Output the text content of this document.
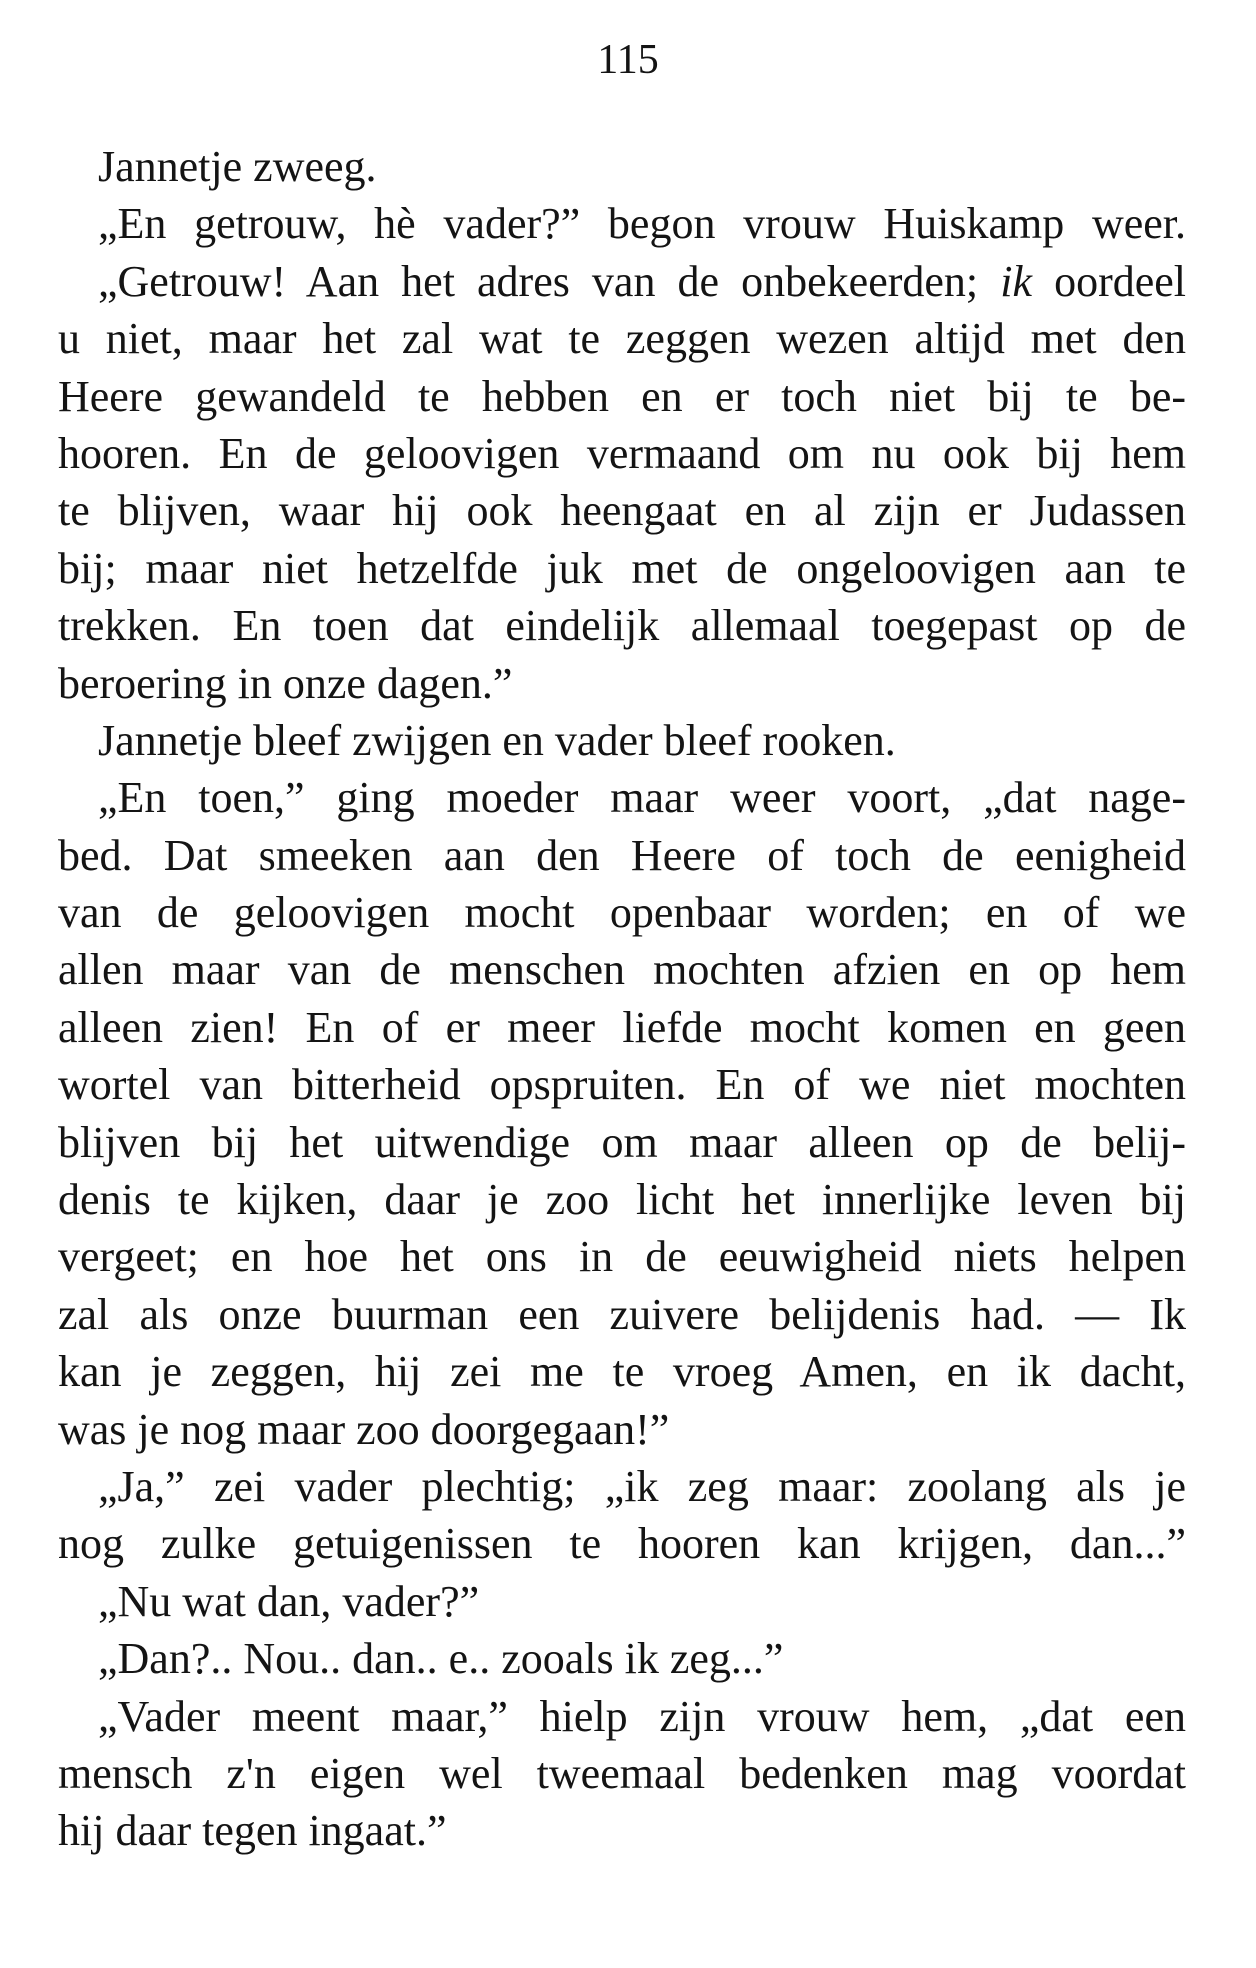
115
Jannetje zweeg.
„En getrouw, hè vader?” begon vrouw Huiskamp weer.
„Getrouw! Aan het adres van de onbekeerden; ik oordeel
u niet, maar het zal wat te zeggen wezen altijd met den
Heere gewandeld te hebben en er toch niet bij te be-
hooren. En de geloovigen vermaand om nu ook bij hem
te blijven, waar hij ook heengaat en al zijn er Judassen
bij; maar niet hetzelfde juk met de ongeloovigen aan te
trekken. En toen dat eindelijk allemaal toegepast op de
beroering in onze dagen.”
Jannetje bleef zwijgen en vader bleef rooken.
„En toen,” ging moeder maar weer voort, „dat nage-
bed. Dat smeeken aan den Heere of toch de eenigheid
van de geloovigen mocht openbaar worden; en of we
allen maar van de menschen mochten afzien en op hem
alleen zien! En of er meer liefde mocht komen en geen
wortel van bitterheid opspruiten. En of we niet mochten
blijven bij het uitwendige om maar alleen op de belij-
denis te kijken, daar je zoo licht het innerlijke leven bij
vergeet; en hoe het ons in de eeuwigheid niets helpen
zal als onze buurman een zuivere belijdenis had. — Ik
kan je zeggen, hij zei me te vroeg Amen, en ik dacht,
was je nog maar zoo doorgegaan!”
„Ja,” zei vader plechtig; „ik zeg maar: zoolang als je
nog zulke getuigenissen te hooren kan krijgen, dan...”
„Nu wat dan, vader?”
„Dan?.. Nou.. dan.. e.. zooals ik zeg...”
„Vader meent maar,” hielp zijn vrouw hem, „dat een
mensch z'n eigen wel tweemaal bedenken mag voordat
hij daar tegen ingaat.”
